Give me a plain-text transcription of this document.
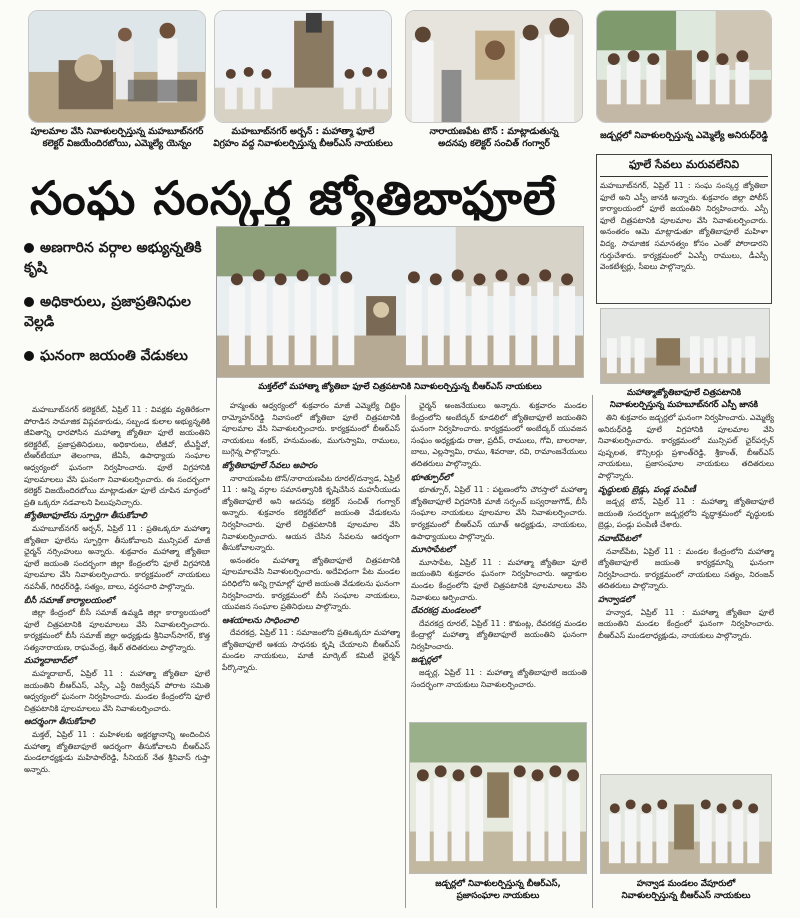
పూలమాల వేసి నివాళులర్పిస్తున్న మహబూబ్‌నగర్
కలెక్టర్ విజయేందిరబోయి, ఎమ్మెల్యే యెన్నం
మహబూబ్‌నగర్ అర్బన్ : మహాత్మా ఫూలే
విగ్రహం వద్ద నివాళులర్పిస్తున్న బీఆర్ఎస్ నాయకులు
నారాయణపేట టౌన్ : మాట్లాడుతున్న
అదనపు కలెక్టర్ సంచిత్ గంగ్వార్
జడ్చర్లలో నివాళులర్పిస్తున్న ఎమ్మెల్యే అనిరుధ్‌రెడ్డి
సంఘ సంస్కర్త జ్యోతిబాఫూలే
అణగారిన వర్గాల అభ్యున్నతికి కృషి
అధికారులు, ప్రజాప్రతినిధుల వెల్లడి
ఘనంగా జయంతి వేడుకలు
మక్తల్‌లో మహాత్మా జ్యోతిబా ఫూలే చిత్రపటానికి నివాళులర్పిస్తున్న బీఆర్ఎస్ నాయకులు
ఫూలే సేవలు మరువలేనివి
మహబూబ్‌నగర్, ఏప్రిల్ 11 : సంఘ సంస్కర్త జ్యోతిబా ఫూలే అని ఎస్పీ జానకి అన్నారు. శుక్రవారం జిల్లా పోలీస్ కార్యాలయంలో ఫూలే జయంతిని నిర్వహించారు. ఎస్పీ ఫూలే చిత్రపటానికి పూలమాల వేసి నివాళులర్పించారు. అనంతరం ఆమె మాట్లాడుతూ జ్యోతిబాఫూలే మహిళా విద్య, సామాజిక సమానత్వం కోసం ఎంతో పోరాడారని గుర్తుచేశారు. కార్యక్రమంలో ఏఎస్పీ రాములు, డీఎస్పీ వెంకటేశ్వర్లు, సీఐలు పాల్గొన్నారు.
మహాత్మాజ్యోతిబాఫూలే చిత్రపటానికి
నివాళులర్పిస్తున్న మహబూబ్‌నగర్ ఎస్పీ జానకి

మహబూబ్‌నగర్ కలెక్టరేట్, ఏప్రిల్ 11 : వివక్షకు వ్యతిరేకంగా పోరాడిన సామాజిక విప్లవకారుడు, సబ్బండ కులాల అభ్యున్నతికి జీవితాన్ని ధారపోసిన మహాత్మా జ్యోతిబా ఫూలే జయంతిని కలెక్టరేట్, ప్రజాప్రతినిధులు, అధికారులు, టీజీవో, టీఎన్జీవో, టీఆర్‌టీయూ తెలంగాణ, జేఏసీ, ఉపాధ్యాయ సంఘాల ఆధ్వర్యంలో ఘనంగా నిర్వహించారు. ఫూలే విగ్రహానికి పూలమాలలు వేసి ఘనంగా నివాళులర్పించారు. ఈ సందర్భంగా కలెక్టర్ విజయేందిరబోయి మాట్లాడుతూ ఫూలే చూపిన మార్గంలో ప్రతి ఒక్కరూ నడవాలని పిలుపునిచ్చారు.

జ్యోతిబాఫూలేను స్ఫూర్తిగా తీసుకోవాలి

మహబూబ్‌నగర్ అర్బన్, ఏప్రిల్ 11 : ప్రతిఒక్కరూ మహాత్మా జ్యోతిబా ఫూలేను స్ఫూర్తిగా తీసుకోవాలని మున్సిపల్ మాజీ ఛైర్మన్ నర్సింహులు అన్నారు. శుక్రవారం మహాత్మా జ్యోతిబా ఫూలే జయంతి సందర్భంగా జిల్లా కేంద్రంలోని ఫూలే విగ్రహానికి పూలమాల వేసి నివాళులర్పించారు. కార్యక్రమంలో నాయకులు నవనీత్, గిరిధర్‌రెడ్డి, సత్యం, బాలు, వర్ధనచారి పాల్గొన్నారు.

బీసీ సమాజ్ కార్యాలయంలో

జిల్లా కేంద్రంలో బీసీ సమాజ్ ఉమ్మడి జిల్లా కార్యాలయంలో ఫూలే చిత్రపటానికి పూలమాలలు వేసి నివాళులర్పించారు. కార్యక్రమంలో బీసీ సమాజ్ జిల్లా అధ్యక్షుడు శ్రీనివాస్‌సాగర్, కొత్త సత్యనారాయణ, రాఘవేంద్ర, శేఖర్ తదితరులు పాల్గొన్నారు.

మహ్మదాబాద్‌లో

మహ్మదాబాద్, ఏప్రిల్ 11 : మహాత్మా జ్యోతిబా ఫూలే జయంతిని బీఆర్ఎస్, ఎస్సీ, ఎస్టీ రిజర్వేషన్ పోరాట సమితి ఆధ్వర్యంలో ఘనంగా నిర్వహించారు. మండల కేంద్రంలోని ఫూలే చిత్రపటానికి పూలమాలలు వేసి నివాళులర్పించారు.

ఆదర్శంగా తీసుకోవాలి

మక్తల్, ఏప్రిల్ 11 : మహిళలకు అక్షరజ్ఞానాన్ని అందించిన మహాత్మా జ్యోతిబాఫూలే ఆదర్శంగా తీసుకోవాలని బీఆర్ఎస్ మండలాధ్యక్షుడు మహిపాల్‌రెడ్డి, సీనియర్ నేత శ్రీనివాస్ గుప్తా అన్నారు.

హన్మంతు ఆధ్వర్యంలో శుక్రవారం మాజీ ఎమ్మెల్యే చిట్టెం రామ్మోహన్‌రెడ్డి నివాసంలో జ్యోతిబా ఫూలే చిత్రపటానికి పూలమాల వేసి నివాళులర్పించారు. కార్యక్రమంలో బీఆర్ఎస్ నాయకులు శంకర్, హనుమంతు, ముగుస్వామి, రాములు, బుగ్గెన్న పాల్గొన్నారు.

జ్యోతిబాఫూలే సేవలు అపారం

నారాయణపేట టౌన్/నారాయణపేట రూరల్/దన్వాడ, ఏప్రిల్ 11 : అన్ని వర్గాల సమానత్వానికి కృషిచేసిన మహనీయుడు జ్యోతిబాఫూలే అని అదనపు కలెక్టర్ సంచిత్ గంగ్వార్ అన్నారు. శుక్రవారం కలెక్టరేట్‌లో జయంతి వేడుకలను నిర్వహించారు. ఫూలే చిత్రపటానికి పూలమాల వేసి నివాళులర్పించారు. ఆయన చేసిన సేవలను ఆదర్శంగా తీసుకోవాలన్నారు.

అనంతరం మహాత్మా జ్యోతిబాఫూలే చిత్రపటానికి పూలమాలవేసి నివాళులర్పించారు. అదేవిధంగా పేట మండల పరిధిలోని అన్ని గ్రామాల్లో ఫూలే జయంతి వేడుకలను ఘనంగా నిర్వహించారు. కార్యక్రమంలో బీసీ సంఘాల నాయకులు, యువజన సంఘాల ప్రతినిధులు పాల్గొన్నారు.

ఆశయాలను సాధించాలి

దేవరకద్ర, ఏప్రిల్ 11 : సమాజంలోని ప్రతిఒక్కరూ మహాత్మా జ్యోతిబాఫూలే ఆశయ సాధనకు కృషి చేయాలని బీఆర్ఎస్ మండల నాయకులు, మాజీ మార్కెట్ కమిటీ ఛైర్మన్ పేర్కొన్నారు.

ఛైర్మన్ అంజనేయులు అన్నారు. శుక్రవారం మండల కేంద్రంలోని అంబేద్కర్ కూడలిలో జ్యోతిబాఫూలే జయంతిని ఘనంగా నిర్వహించారు. కార్యక్రమంలో అంబేద్కర్ యువజన సంఘం అధ్యక్షుడు రాజు, ప్రదీప్, రాములు, గోవి, బాలరాజు, బాలు, ఎల్లస్వామి, రాము, శివరాజు, రవి, రామాంజనేయులు తదితరులు పాల్గొన్నారు.

భూత్పూర్‌లో

భూత్పూర్, ఏప్రిల్ 11 : పట్టణంలోని చౌరస్తాలో మహాత్మా జ్యోతిబాఫూలే విగ్రహానికి మాజీ సర్పంచ్ బస్వరాజుగౌడ్, బీసీ సంఘాల నాయకులు పూలమాల వేసి నివాళులర్పించారు. కార్యక్రమంలో బీఆర్ఎస్ యూత్ అధ్యక్షుడు, నాయకులు, ఉపాధ్యాయులు పాల్గొన్నారు.

మూసాపేటలో

మూసాపేట, ఏప్రిల్ 11 : మహాత్మా జ్యోతిబా ఫూలే జయంతిని శుక్రవారం ఘనంగా నిర్వహించారు. ఆద్దాకుల మండల కేంద్రంలోని ఫూలే చిత్రపటానికి పూలమాలలు వేసి నివాళులు అర్పించారు.

దేవరకద్ర మండలంలో

దేవరకద్ర రూరల్, ఏప్రిల్ 11 : కౌకుంట్ల, దేవరకద్ర మండల కేంద్రాల్లో మహాత్మా జ్యోతిబాఫూలే జయంతిని ఘనంగా నిర్వహించారు.

జడ్చర్లలో

జడ్చర్ల, ఏప్రిల్ 11 : మహాత్మా జ్యోతిబాఫూలే జయంతి సందర్భంగా నాయకులు నివాళులర్పించారు.

తిని శుక్రవారం జడ్చర్లలో ఘనంగా నిర్వహించారు. ఎమ్మెల్యే అనిరుధ్‌రెడ్డి ఫూలే విగ్రహానికి పూలమాల వేసి నివాళులర్పించారు. కార్యక్రమంలో మున్సిపల్ ఛైర్‌పర్సన్ పుష్పలత, కౌన్సిలర్లు ప్రశాంత్‌రెడ్డి, శ్రీకాంత్, బీఆర్ఎస్ నాయకులు, ప్రజాసంఘాల నాయకులు తదితరులు పాల్గొన్నారు.

వృద్ధులకు బ్రెడ్లు, పండ్ల పంపిణీ

జడ్చర్ల టౌన్, ఏప్రిల్ 11 : మహాత్మా జ్యోతిబాఫూలే జయంతి సందర్భంగా జడ్చర్లలోని వృద్ధాశ్రమంలో వృద్ధులకు బ్రెడ్లు, పండ్లు పంపిణీ చేశారు.

నవాబ్‌పేటలో

నవాబ్‌పేట, ఏప్రిల్ 11 : మండల కేంద్రంలోని మహాత్మా జ్యోతిబాఫూలే జయంతి కార్యక్రమాన్ని ఘనంగా నిర్వహించారు. కార్యక్రమంలో నాయకులు సత్యం, నిరంజన్ తదితరులు పాల్గొన్నారు.

హన్వాడలో

హన్వాడ, ఏప్రిల్ 11 : మహాత్మా జ్యోతిబా ఫూలే జయంతిని మండల కేంద్రంలో ఘనంగా నిర్వహించారు. బీఆర్ఎస్ మండలాధ్యక్షుడు, నాయకులు పాల్గొన్నారు.

జడ్చర్లలో నివాళులర్పిస్తున్న బీఆర్ఎస్,
ప్రజాసంఘాల నాయకులు
హన్వాడ మండలం వేపూరులో
నివాళులర్పిస్తున్న బీఆర్ఎస్ నాయకులు
